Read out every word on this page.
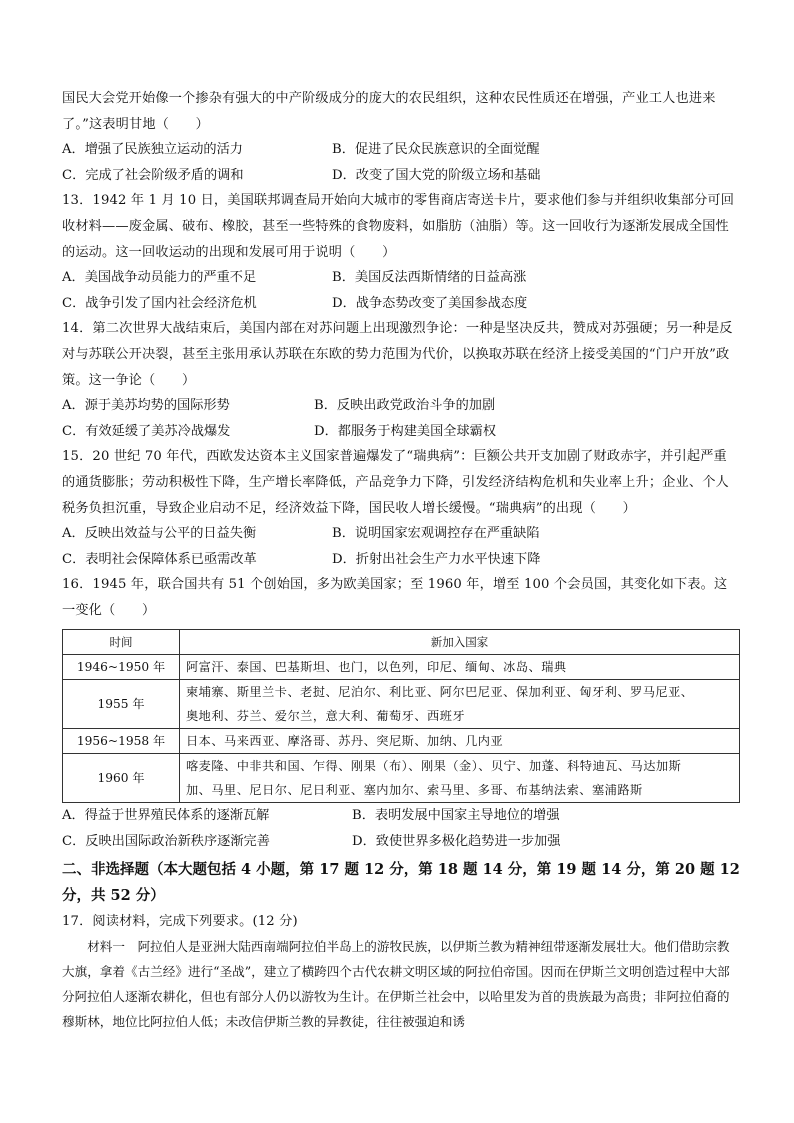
国民大会党开始像一个掺杂有强大的中产阶级成分的庞大的农民组织，这种农民性质还在增强，产业工人也进来了。”这表明甘地（　　）

A．增强了民族独立运动的活力	B．促进了民众民族意识的全面觉醒
C．完成了社会阶级矛盾的调和	D．改变了国大党的阶级立场和基础

13．1942 年 1 月 10 日，美国联邦调查局开始向大城市的零售商店寄送卡片，要求他们参与并组织收集部分可回收材料——废金属、破布、橡胶，甚至一些特殊的食物废料，如脂肪（油脂）等。这一回收行为逐渐发展成全国性的运动。这一回收运动的出现和发展可用于说明（　　）

A．美国战争动员能力的严重不足	B．美国反法西斯情绪的日益高涨
C．战争引发了国内社会经济危机	D．战争态势改变了美国参战态度

14．第二次世界大战结束后，美国内部在对苏问题上出现激烈争论：一种是坚决反共，赞成对苏强硬；另一种是反对与苏联公开决裂，甚至主张用承认苏联在东欧的势力范围为代价，以换取苏联在经济上接受美国的“门户开放”政策。这一争论（　　）

A．源于美苏均势的国际形势	B．反映出政党政治斗争的加剧
C．有效延缓了美苏冷战爆发	D．都服务于构建美国全球霸权

15．20 世纪 70 年代，西欧发达资本主义国家普遍爆发了“瑞典病”：巨额公共开支加剧了财政赤字，并引起严重的通货膨胀；劳动积极性下降，生产增长率降低，产品竞争力下降，引发经济结构危机和失业率上升；企业、个人税务负担沉重，导致企业启动不足，经济效益下降，国民收人增长缓慢。“瑞典病”的出现（　　）

A．反映出效益与公平的日益失衡	B．说明国家宏观调控存在严重缺陷
C．表明社会保障体系已亟需改革	D．折射出社会生产力水平快速下降

16．1945 年，联合国共有 51 个创始国，多为欧美国家；至 1960 年，增至 100 个会员国，其变化如下表。这一变化（　　）

时间	新加入国家
1946~1950 年	阿富汗、泰国、巴基斯坦、也门，以色列，印尼、缅甸、冰岛、瑞典
1955 年	柬埔寨、斯里兰卡、老挝、尼泊尔、利比亚、阿尔巴尼亚、保加利亚、匈牙利、罗马尼亚、
奥地利、芬兰、爱尔兰，意大利、葡萄牙、西班牙
1956~1958 年	日本、马来西亚、摩洛哥、苏丹、突尼斯、加纳、几内亚
1960 年	喀麦隆、中非共和国、乍得、刚果（布）、刚果（金）、贝宁、加蓬、科特迪瓦、马达加斯
加、马里、尼日尔、尼日利亚、塞内加尔、索马里、多哥、布基纳法索、塞浦路斯
A．得益于世界殖民体系的逐渐瓦解	B．表明发展中国家主导地位的增强
C．反映出国际政治新秩序逐渐完善	D．致使世界多极化趋势进一步加强
二、非选择题（本大题包括 4 小题，第 17 题 12 分，第 18 题 14 分，第 19 题 14 分，第 20 题 12 分，共 52 分）

17．阅读材料，完成下列要求。(12 分)

材料一　阿拉伯人是亚洲大陆西南端阿拉伯半岛上的游牧民族，以伊斯兰教为精神纽带逐渐发展壮大。他们借助宗教大旗，拿着《古兰经》进行“圣战”，建立了横跨四个古代农耕文明区域的阿拉伯帝国。因而在伊斯兰文明创造过程中大部分阿拉伯人逐渐农耕化，但也有部分人仍以游牧为生计。在伊斯兰社会中，以哈里发为首的贵族最为高贵；非阿拉伯裔的穆斯林，地位比阿拉伯人低；未改信伊斯兰教的异教徒，往往被强迫和诱
